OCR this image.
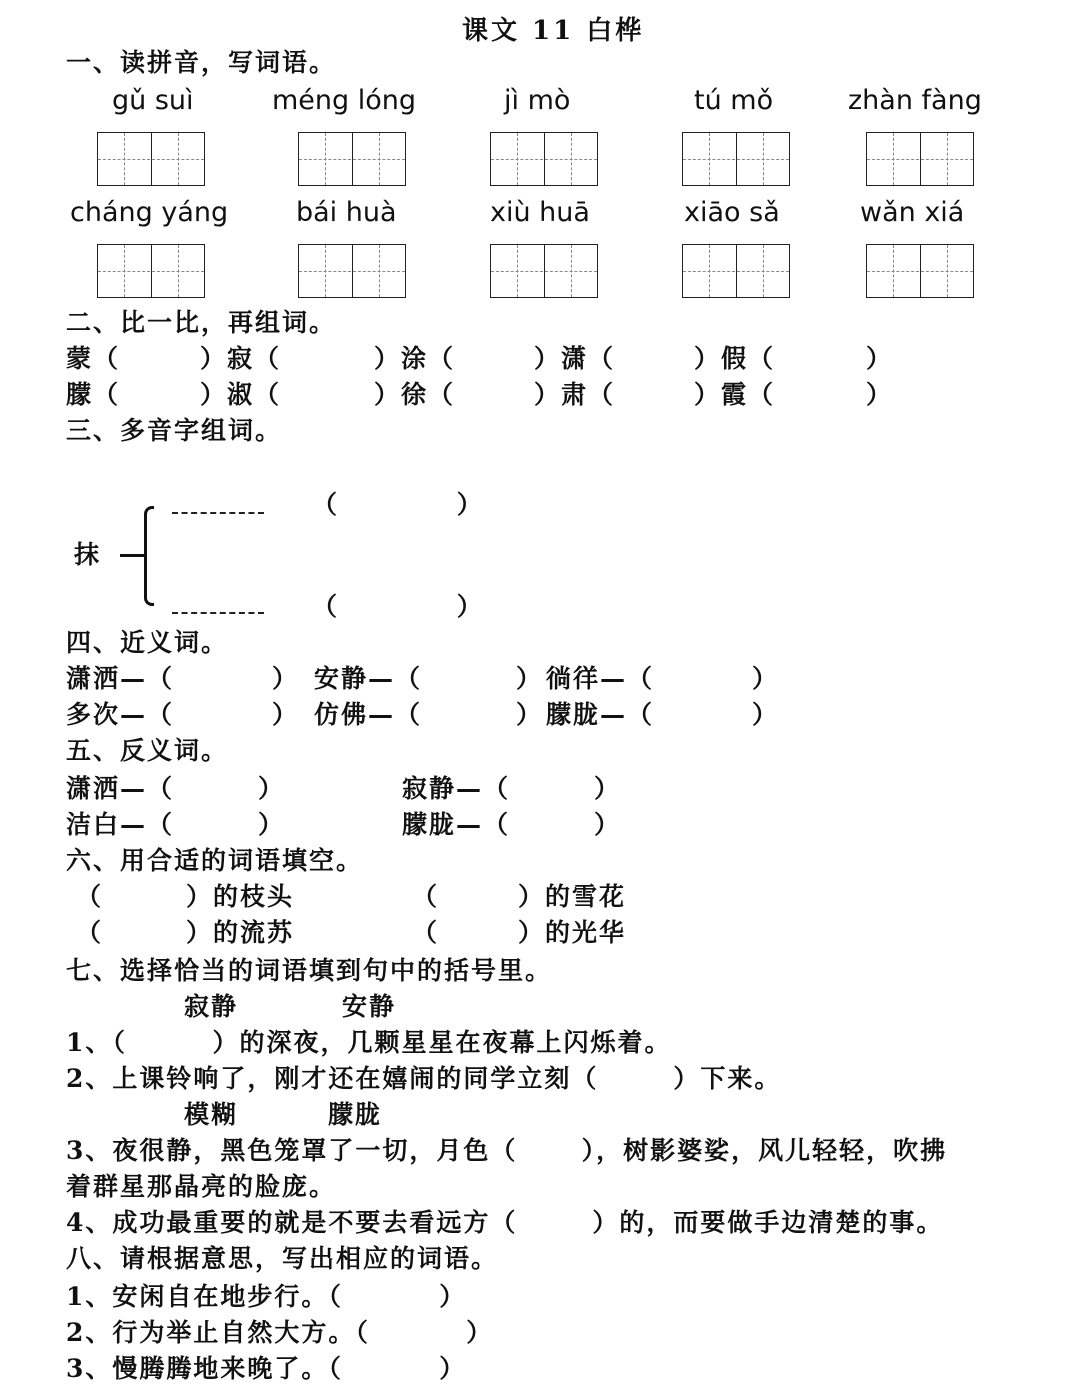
课文 11 白桦
一、读拼音，写词语。
gǔ suì	méng lóng	jì mò	tú mǒ	zhàn fàng
cháng yáng	bái huà	xiù huā	xiāo sǎ	wǎn xiá
二、比一比，再组词。
蒙（	）寂（	）涂（	）潇（	）假（	）
朦（	）淑（	）徐（	）肃（	）霞（	）
三、多音字组词。
抹
（           ）
（           ）
四、近义词。
潇洒—（	） 安静—（	） 徜徉—（	）
多次—（	） 仿佛—（	） 朦胧—（	）
五、反义词。
潇洒—（	）	寂静—（	）
洁白—（	）	朦胧—（	）
六、用合适的词语填空。
（	）的枝头	（	）的雪花
（	）的流苏	（	）的光华
七、选择恰当的词语填到句中的括号里。
寂静	安静
1、（        ）的深夜，几颗星星在夜幕上闪烁着。
2、上课铃响了，刚才还在嬉闹的同学立刻（       ）下来。
模糊	朦胧
3、夜很静，黑色笼罩了一切，月色（      ），树影婆娑，风儿轻轻，吹拂
着群星那晶亮的脸庞。
4、成功最重要的就是不要去看远方（       ）的，而要做手边清楚的事。
八、请根据意思，写出相应的词语。
1、安闲自在地步行。（         ）
2、行为举止自然大方。（         ）
3、慢腾腾地来晚了。（         ）
